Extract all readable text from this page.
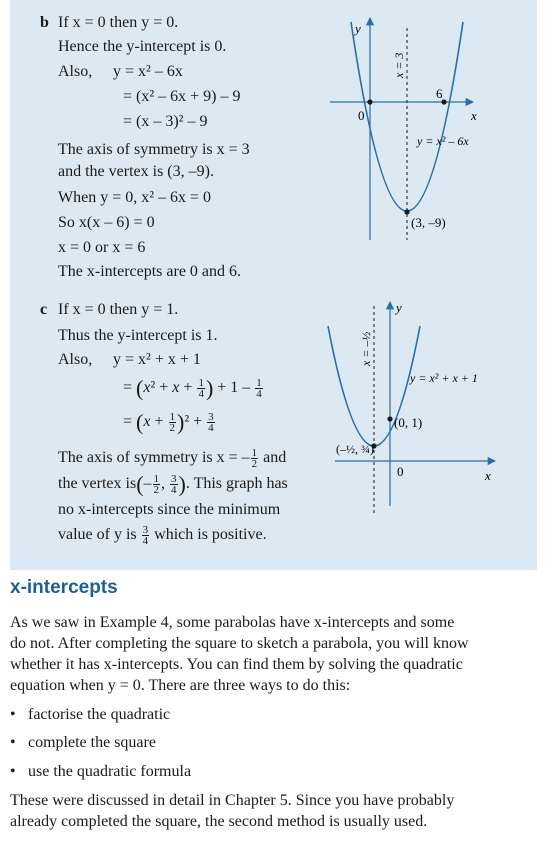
b If x = 0 then y = 0.
Hence the y-intercept is 0.
Also, y = x² – 6x
= (x² – 6x + 9) – 9
= (x – 3)² – 9
The axis of symmetry is x = 3
and the vertex is (3, –9).
When y = 0, x² – 6x = 0
So x(x – 6) = 0
x = 0 or x = 6
The x-intercepts are 0 and 6.
y
x
0
6
x = 3
y = x² – 6x
(3, –9)
c If x = 0 then y = 1.
Thus the y-intercept is 1.
Also, y = x² + x + 1
= ($x^2 + x + \frac{1}{4}$ ) + $1 - \frac{1}{4}$
= $(x + \frac{1}{2} )^2 + \frac{3}{4}$
The axis of symmetry is x = – $\frac{1}{2}$ and
the vertex $is(- \frac{1}{2}$ , $\frac{3}{4}$ ). This graph has
no x-intercepts since the minimum
value of y is $\frac{3}{4}$ which is positive.
y
x
0
x = –½
y = x² + x + 1
(0, 1)
(–½, ¾)
x-intercepts
As we saw in Example 4, some parabolas have x-intercepts and some
do not. After completing the square to sketch a parabola, you will know
whether it has x-intercepts. You can find them by solving the quadratic
equation when y = 0. There are three ways to do this:
• factorise the quadratic
• complete the square
• use the quadratic formula
These were discussed in detail in Chapter 5. Since you have probably
already completed the square, the second method is usually used.
